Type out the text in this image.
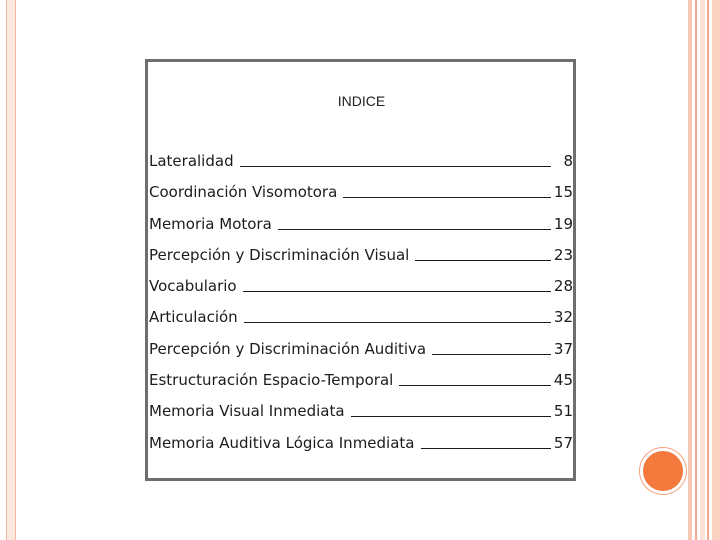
INDICE
Lateralidad	8
Coordinación Visomotora	15
Memoria Motora	19
Percepción y Discriminación Visual	23
Vocabulario	28
Articulación	32
Percepción y Discriminación Auditiva	37
Estructuración Espacio-Temporal	45
Memoria Visual Inmediata	51
Memoria Auditiva Lógica Inmediata	57
